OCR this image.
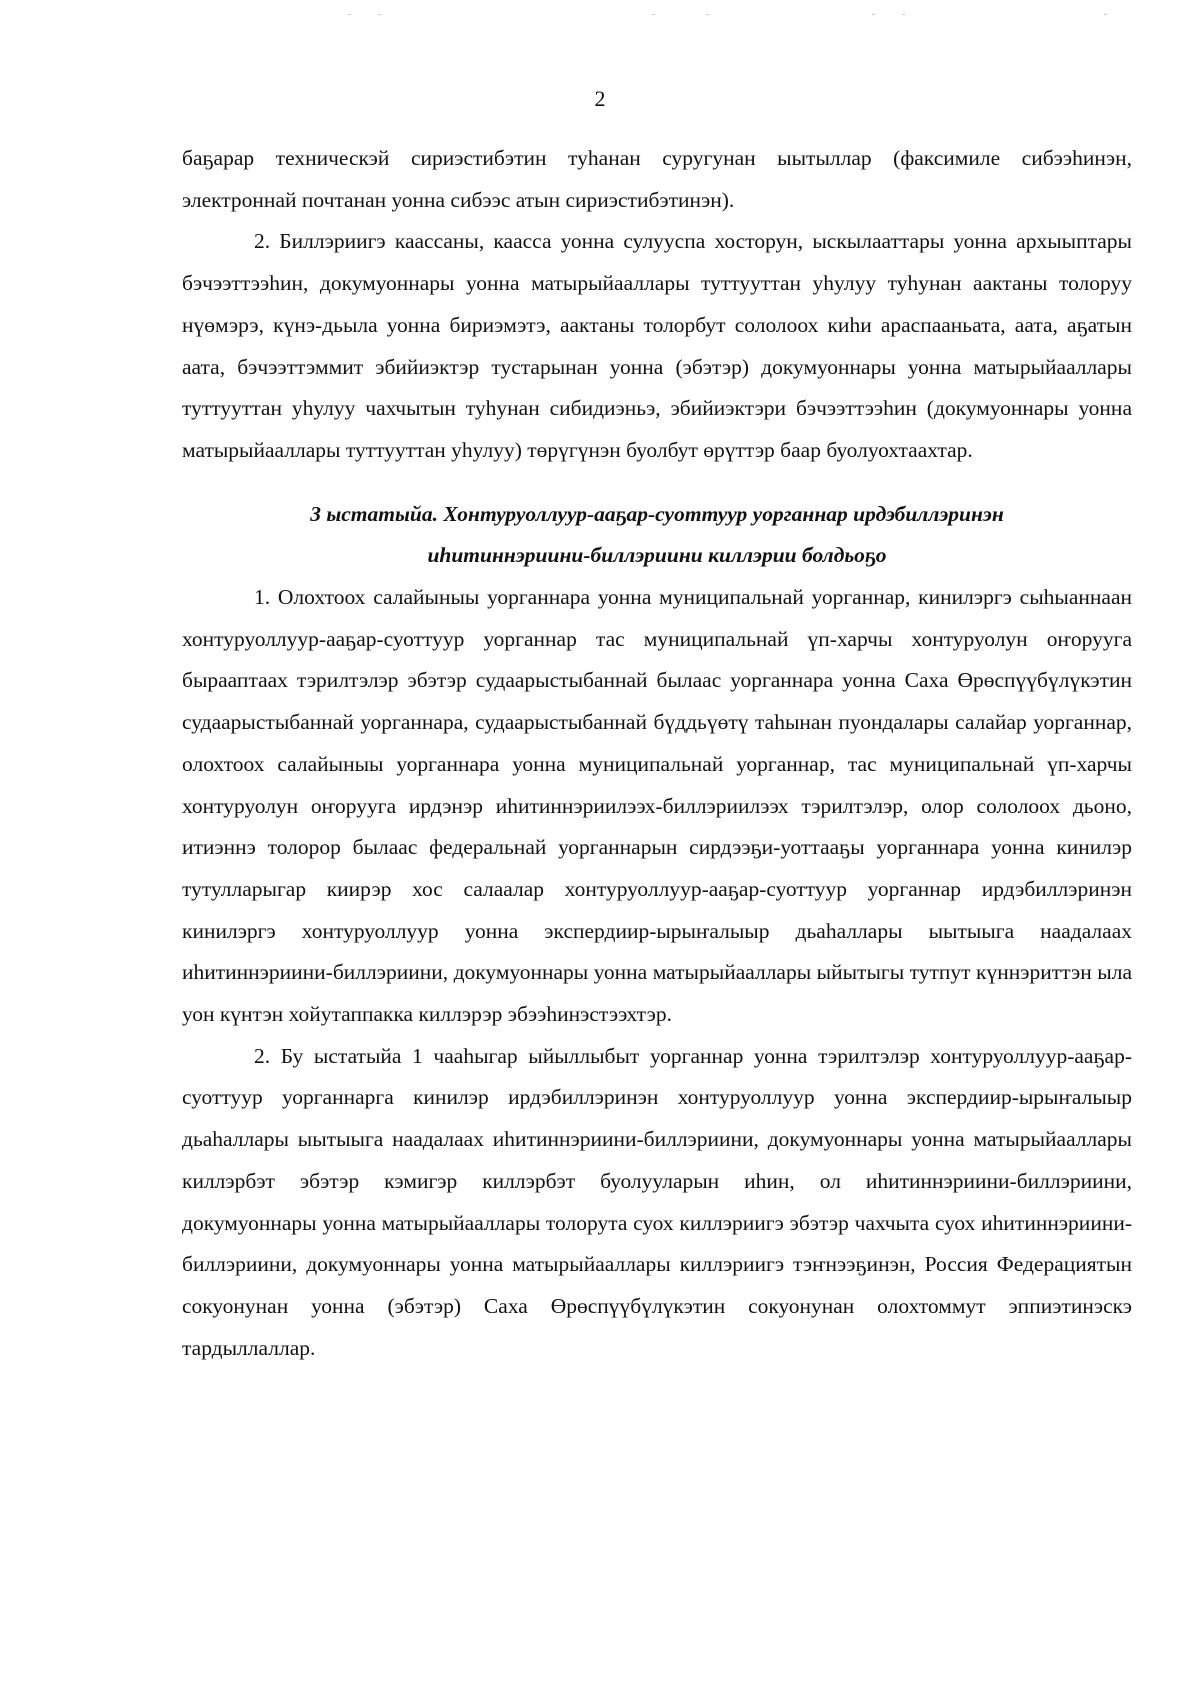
2

баҕарар техническэй сириэстибэтин туһанан суругунан ыытыллар (факсимиле сибээһинэн, электроннай почтанан уонна сибээс атын сириэстибэтинэн).

2. Биллэриигэ каассаны, каасса уонна сулууспа хосторун, ыскылааттары уонна архыыптары бэчээттээһин, докумуоннары уонна матырыйааллары туттууттан уһулуу туһунан аактаны толоруу нүөмэрэ, күнэ-дьыла уонна бириэмэтэ, аактаны толорбут сололоох киһи араспааньата, аата, аҕатын аата, бэчээттэммит эбийиэктэр тустарынан уонна (эбэтэр) докумуоннары уонна матырыйааллары туттууттан уһулуу чахчытын туһунан сибидиэньэ, эбийиэктэри бэчээттээһин (докумуоннары уонна матырыйааллары туттууттан уһулуу) төрүгүнэн буолбут өрүттэр баар буолуохтаахтар.

3 ыстатыйа. Хонтуруоллуур-ааҕар-суоттуур уорганнар ирдэбиллэринэн
иһитиннэриини-биллэриини киллэрии болдьоҕо

1. Олохтоох салайыныы уорганнара уонна муниципальнай уорганнар, кинилэргэ сыһыаннаан хонтуруоллуур-ааҕар-суоттуур уорганнар тас муниципальнай үп-харчы хонтуруолун оҥорууга бырааптаах тэрилтэлэр эбэтэр судаарыстыбаннай былаас уорганнара уонна Саха Өрөспүүбүлүкэтин судаарыстыбаннай уорганнара, судаарыстыбаннай бүддьүөтү таһынан пуондалары салайар уорганнар, олохтоох салайыныы уорганнара уонна муниципальнай уорганнар, тас муниципальнай үп-харчы хонтуруолун оҥорууга ирдэнэр иһитиннэриилээх-биллэриилээх тэрилтэлэр, олор сололоох дьоно, итиэннэ толорор былаас федеральнай уорганнарын сирдээҕи-уоттааҕы уорганнара уонна кинилэр тутулларыгар киирэр хос салаалар хонтуруоллуур-ааҕар-суоттуур уорганнар ирдэбиллэринэн кинилэргэ хонтуруоллуур уонна экспердиир-ырыҥалыыр дьаһаллары ыытыыга наадалаах иһитиннэриини-биллэриини, докумуоннары уонна матырыйааллары ыйытыгы тутпут күннэриттэн ыла уон күнтэн хойутаппакка киллэрэр эбээһинэстээхтэр.

2. Бу ыстатыйа 1 чааһыгар ыйыллыбыт уорганнар уонна тэрилтэлэр хонтуруоллуур-ааҕар-суоттуур уорганнарга кинилэр ирдэбиллэринэн хонтуруоллуур уонна экспердиир-ырыҥалыыр дьаһаллары ыытыыга наадалаах иһитиннэриини-биллэриини, докумуоннары уонна матырыйааллары киллэрбэт эбэтэр кэмигэр киллэрбэт буолууларын иһин, ол иһитиннэриини-биллэриини, докумуоннары уонна матырыйааллары толорута суох киллэриигэ эбэтэр чахчыта суох иһитиннэриини-биллэриини, докумуоннары уонна матырыйааллары киллэриигэ тэҥнээҕинэн, Россия Федерациятын сокуонунан уонна (эбэтэр) Саха Өрөспүүбүлүкэтин сокуонунан олохтоммут эппиэтинэскэ тардыллаллар.
